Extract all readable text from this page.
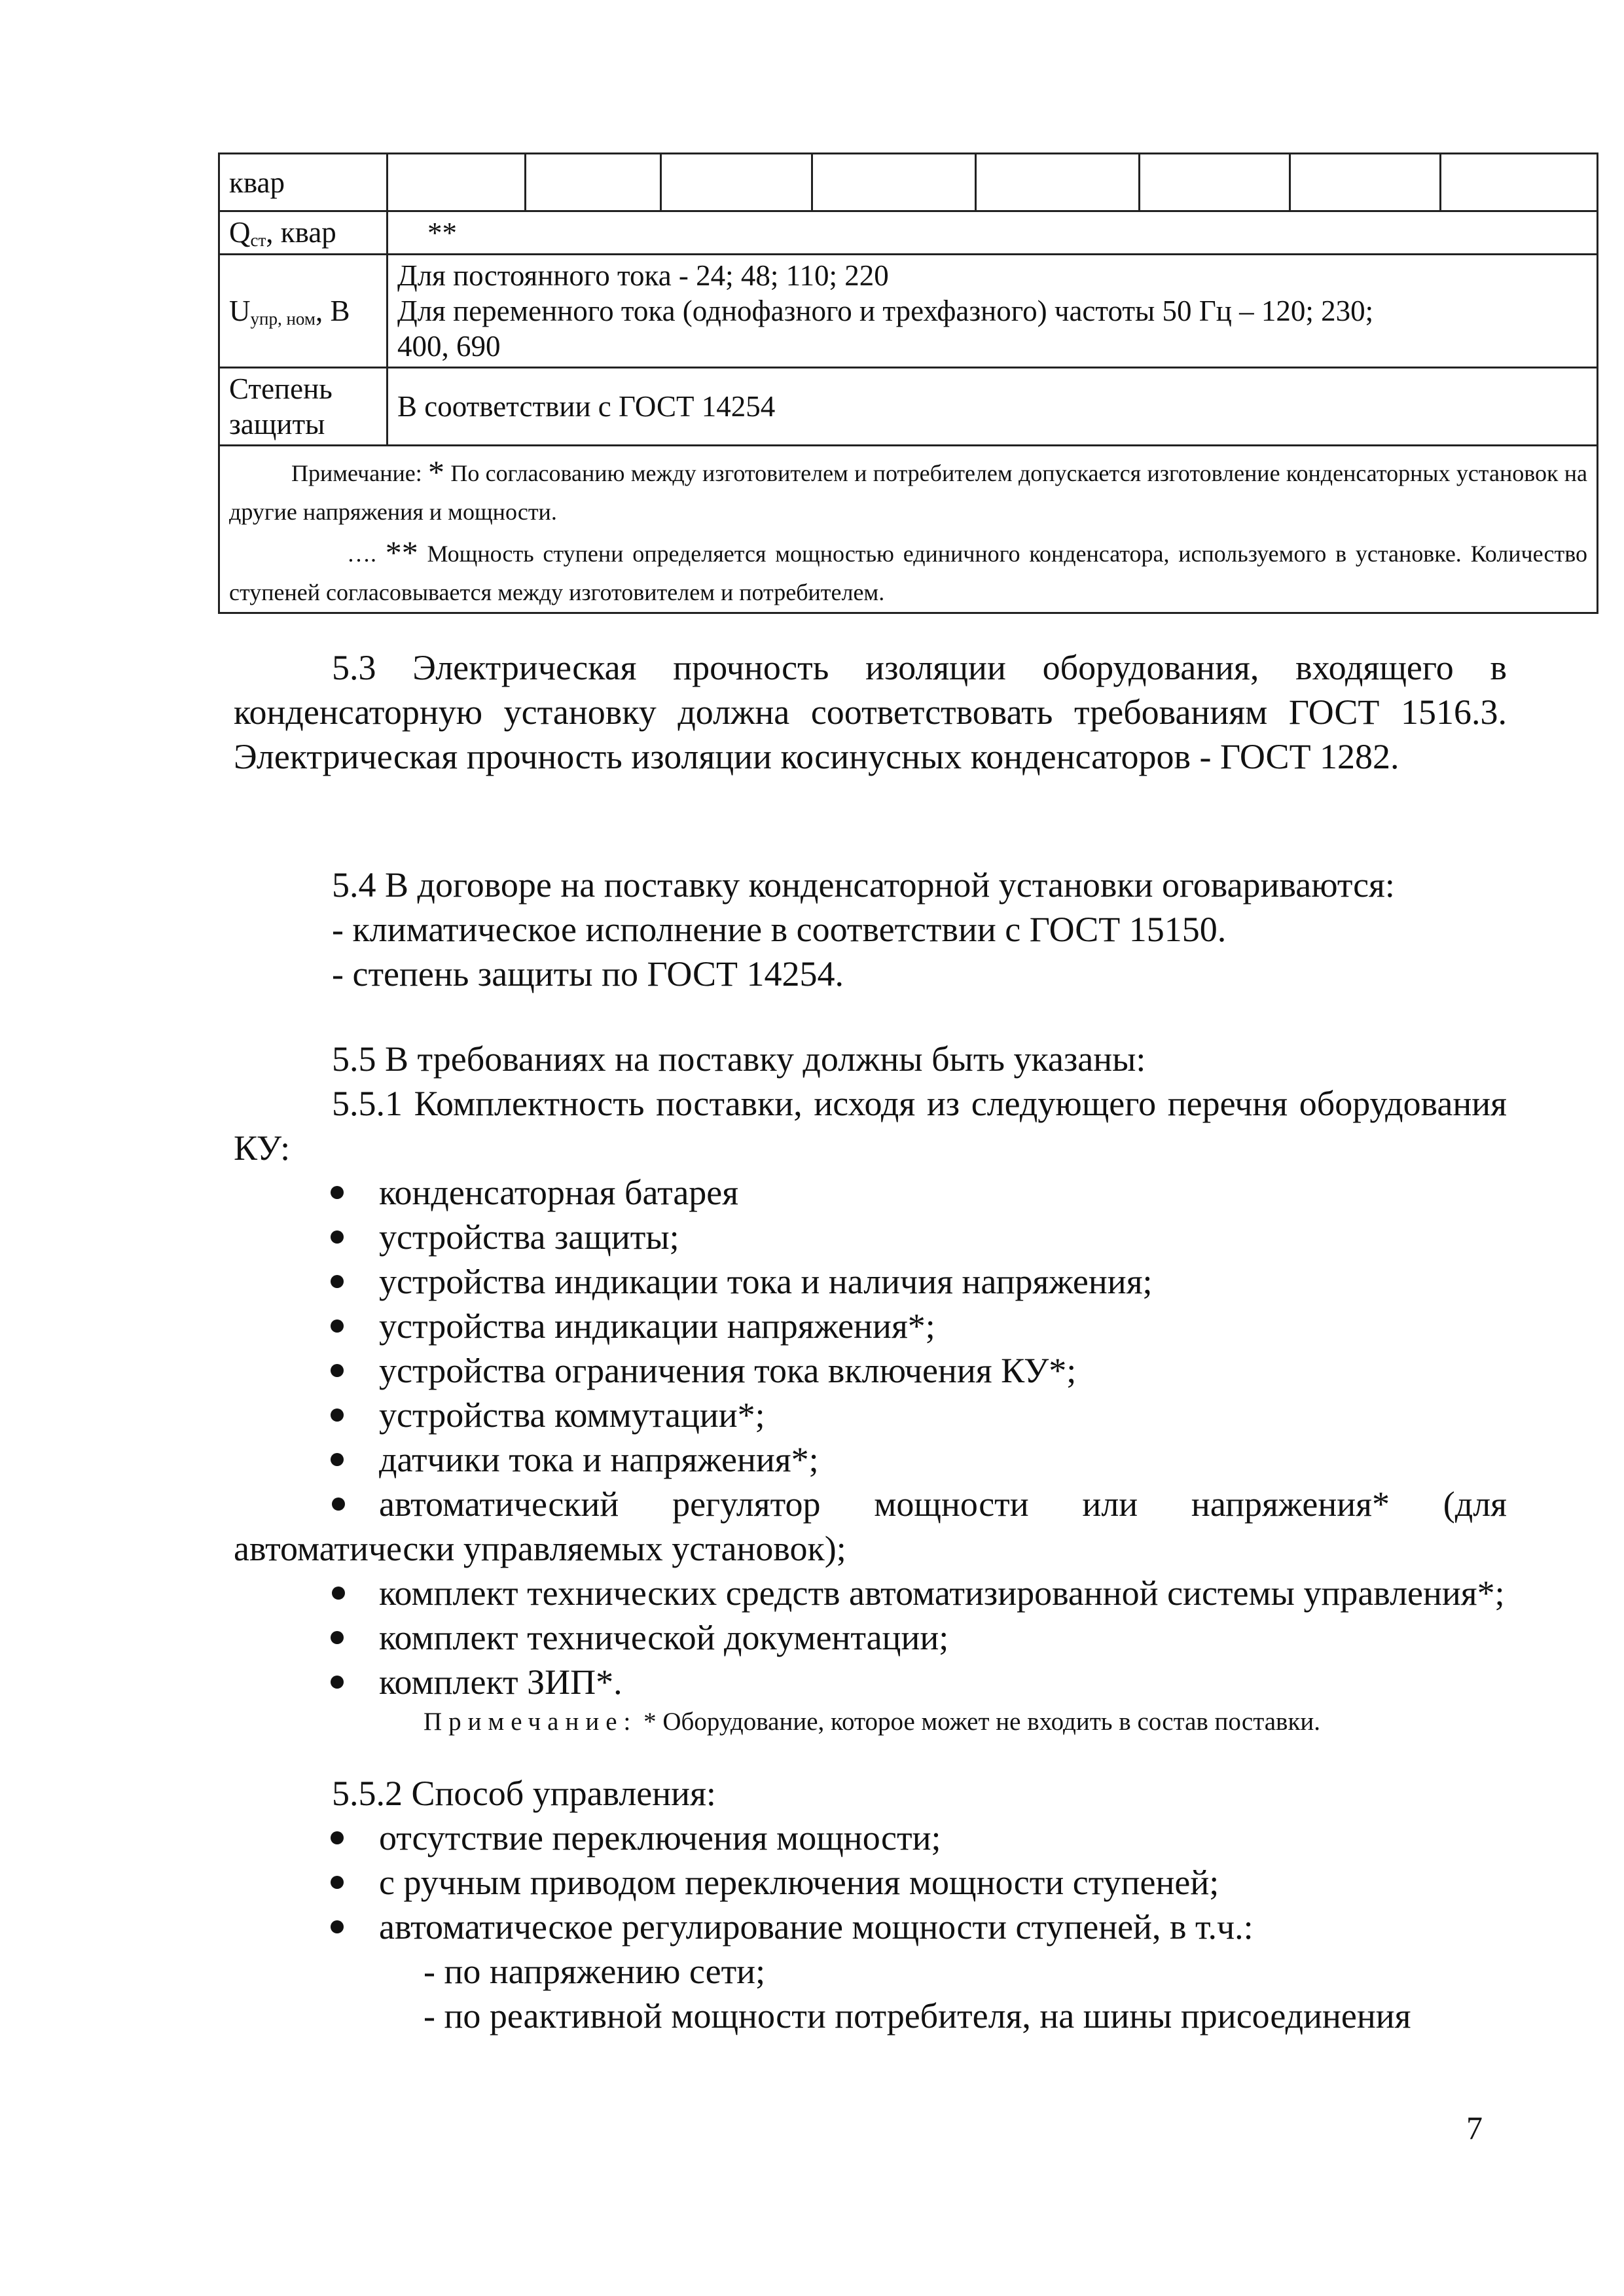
квар								
$Q_{ст}$, квар	**							
$U_{упр, ном}$, В	Для постоянного тока - 24; 48; 110; 220
Для переменного тока (однофазного и трехфазного) частоты 50 Гц – 120; 230;
400, 690							

Степень
защиты	В соответствии с ГОСТ 14254							

Примечание: * По согласованию между изготовителем и потребителем допускается изготовление конденсаторных установок на другие напряжения и мощности.

…. ** Мощность ступени определяется мощностью единичного конденсатора, используемого в установке. Количество ступеней согласовывается между изготовителем и потребителем.								

5.3 Электрическая прочность изоляции оборудования, входящего в конденсаторную установку должна соответствовать требованиям ГОСТ 1516.3. Электрическая прочность изоляции косинусных конденсаторов - ГОСТ 1282.

5.4 В договоре на поставку конденсаторной установки оговариваются:

- климатическое исполнение в соответствии с ГОСТ 15150.

- степень защиты по ГОСТ 14254.

5.5 В требованиях на поставку должны быть указаны:

5.5.1 Комплектность поставки, исходя из следующего перечня оборудования КУ:

конденсаторная батарея

устройства защиты;

устройства индикации тока и наличия напряжения;

устройства индикации напряжения*;

устройства ограничения тока включения КУ*;

устройства коммутации*;

датчики тока и напряжения*;

автоматический регулятор мощности или напряжения* (для автоматически управляемых установок);

комплект технических средств автоматизированной системы управления*;

комплект технической документации;

комплект ЗИП*.

Примечание: * Оборудование, которое может не входить в состав поставки.

5.5.2 Способ управления:

отсутствие переключения мощности;

с ручным приводом переключения мощности ступеней;

автоматическое регулирование мощности ступеней, в т.ч.:

- по напряжению сети;

- по реактивной мощности потребителя, на шины присоединения

7
